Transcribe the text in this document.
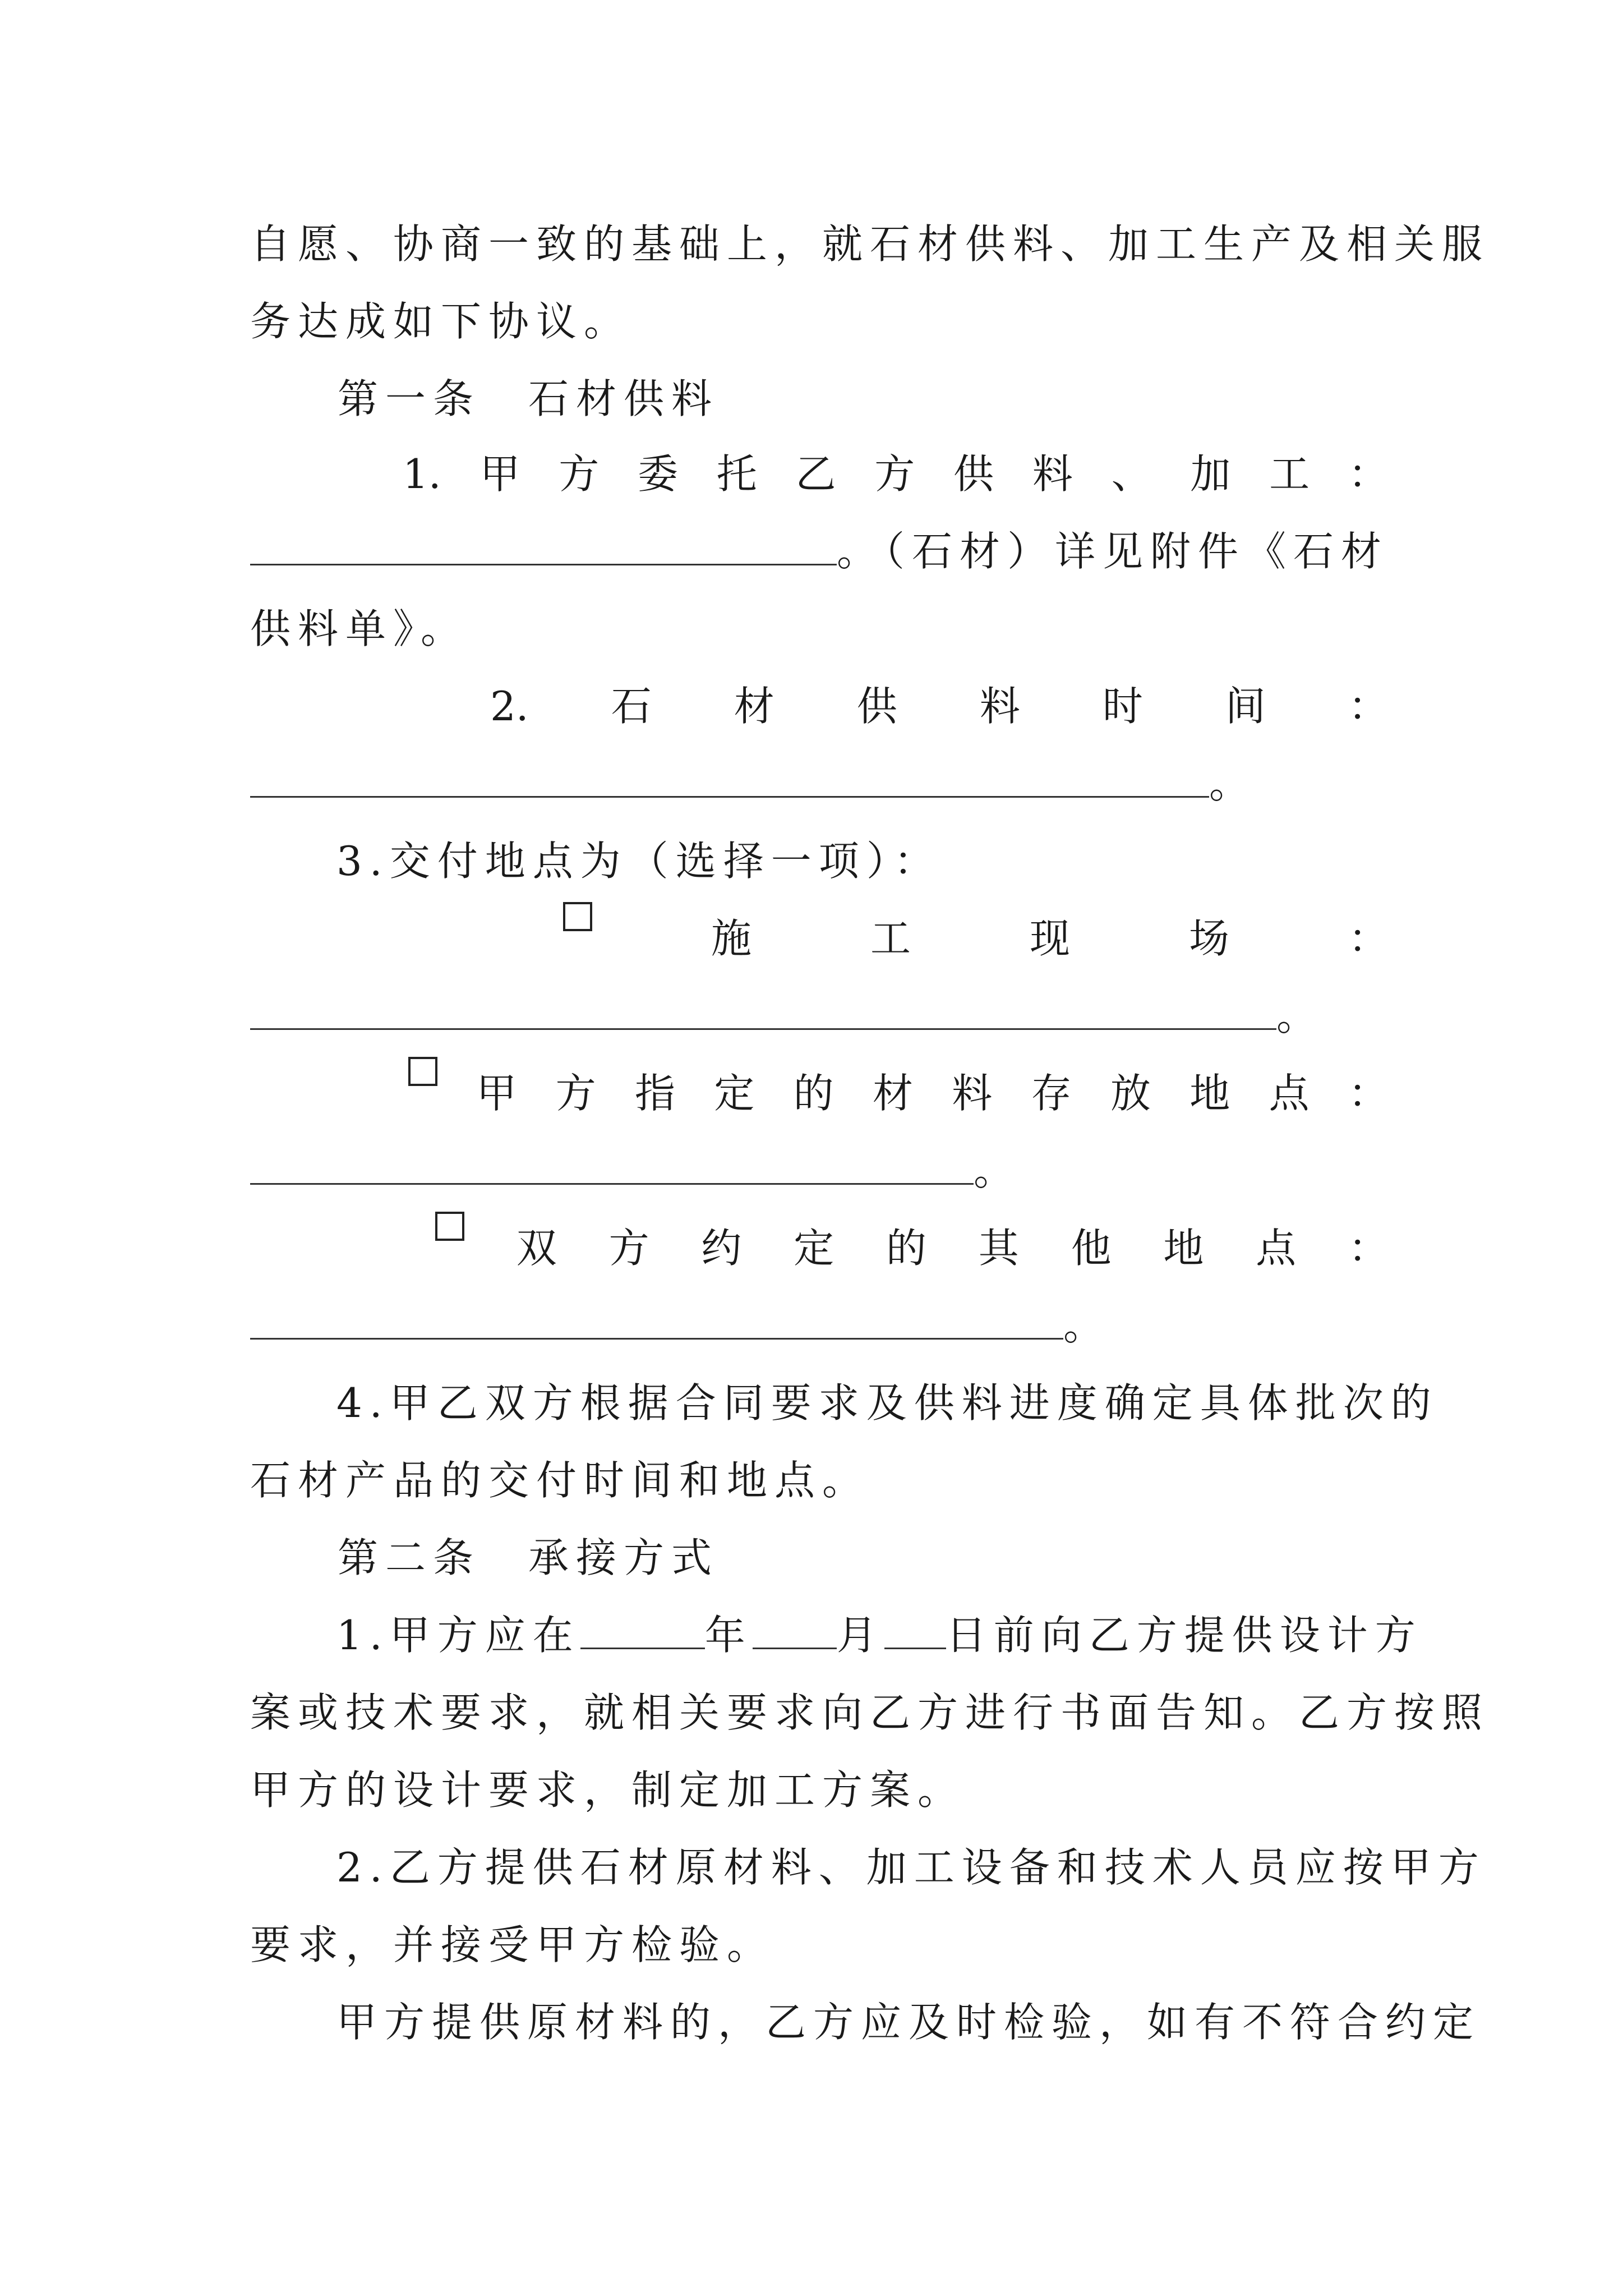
自愿、协商一致的基础上，就石材供料、加工生产及相关服
务达成如下协议。
第一条　石材供料
1. 甲 方 委 托 乙 方 供 料 、 加 工 ：
。（石材）详见附件《石材
供料单》。
2. 石 材 供 料 时 间 ：
。
3.交付地点为（选择一项）：
施	工	现	场	：
。
甲 方 指 定 的 材 料 存 放 地 点 ：
。
双 方 约 定 的 其 他 地 点 ：
。
4.甲乙双方根据合同要求及供料进度确定具体批次的
石材产品的交付时间和地点。
第二条　承接方式
1.甲方应在	年 月 日前向乙方提供设计方
案或技术要求，就相关要求向乙方进行书面告知。乙方按照
甲方的设计要求，制定加工方案。
2.乙方提供石材原材料、加工设备和技术人员应按甲方
要求，并接受甲方检验。
甲方提供原材料的，乙方应及时检验，如有不符合约定
